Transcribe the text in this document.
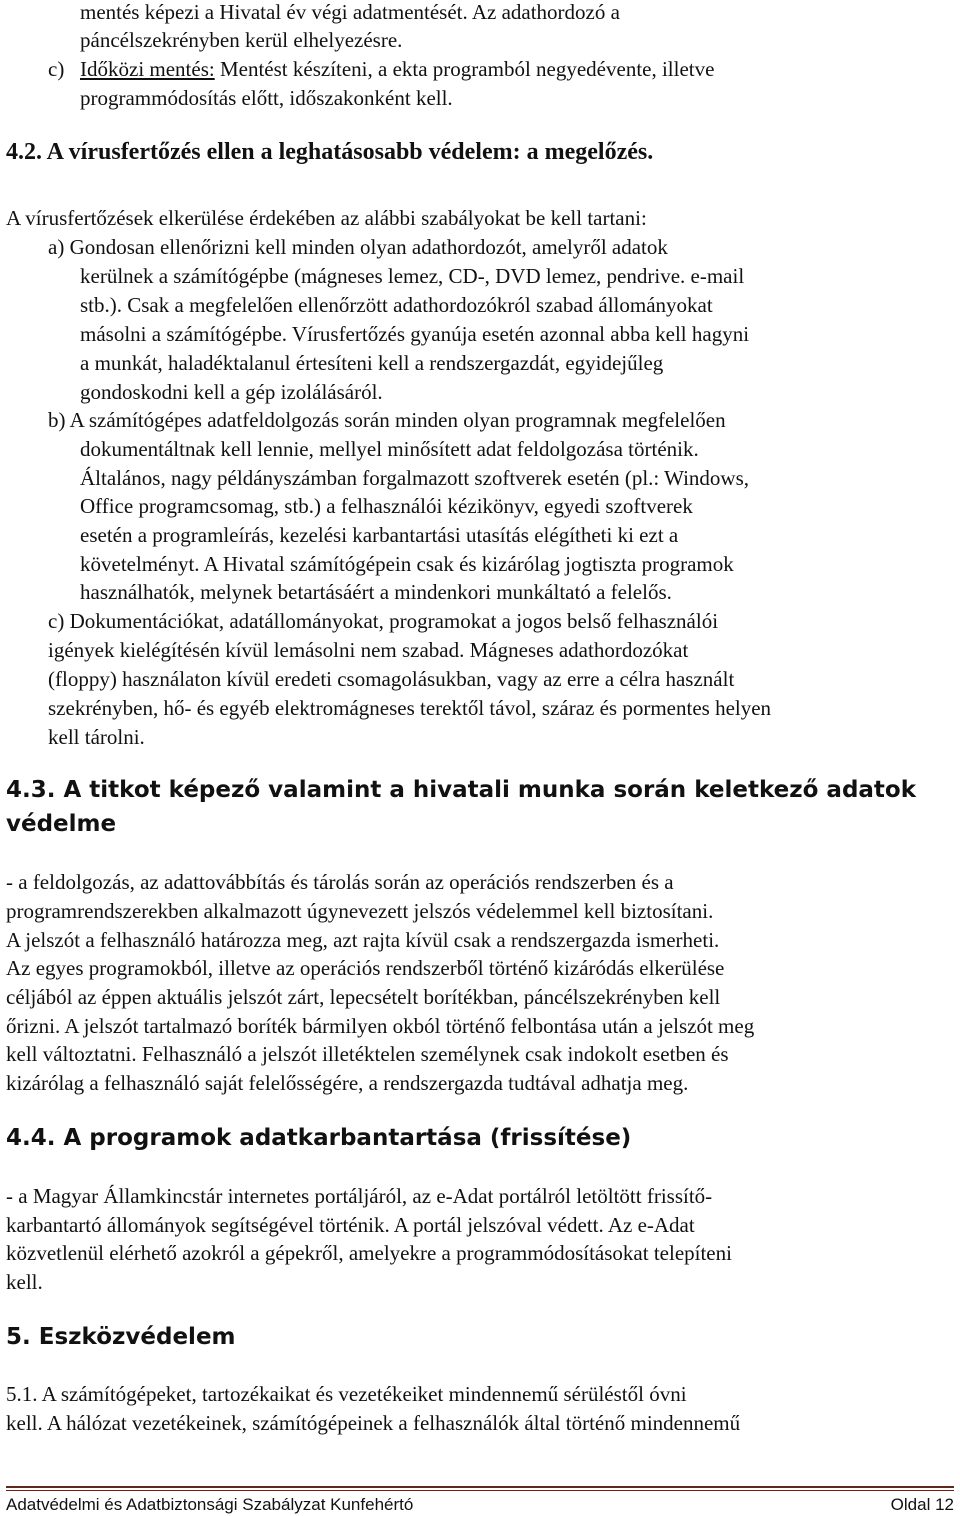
mentés képezi a Hivatal év végi adatmentését. Az adathordozó a
páncélszekrényben kerül elhelyezésre.
c) Időközi mentés: Mentést készíteni, a ekta programból negyedévente, illetve
programmódosítás előtt, időszakonként kell.
4.2. A vírusfertőzés ellen a leghatásosabb védelem: a megelőzés.
A vírusfertőzések elkerülése érdekében az alábbi szabályokat be kell tartani:
a) Gondosan ellenőrizni kell minden olyan adathordozót, amelyről adatok
kerülnek a számítógépbe (mágneses lemez, CD-, DVD lemez, pendrive. e-mail
stb.). Csak a megfelelően ellenőrzött adathordozókról szabad állományokat
másolni a számítógépbe. Vírusfertőzés gyanúja esetén azonnal abba kell hagyni
a munkát, haladéktalanul értesíteni kell a rendszergazdát, egyidejűleg
gondoskodni kell a gép izolálásáról.
b) A számítógépes adatfeldolgozás során minden olyan programnak megfelelően
dokumentáltnak kell lennie, mellyel minősített adat feldolgozása történik.
Általános, nagy példányszámban forgalmazott szoftverek esetén (pl.: Windows,
Office programcsomag, stb.) a felhasználói kézikönyv, egyedi szoftverek
esetén a programleírás, kezelési karbantartási utasítás elégítheti ki ezt a
követelményt. A Hivatal számítógépein csak és kizárólag jogtiszta programok
használhatók, melynek betartásáért a mindenkori munkáltató a felelős.
c) Dokumentációkat, adatállományokat, programokat a jogos belső felhasználói
igények kielégítésén kívül lemásolni nem szabad. Mágneses adathordozókat
(floppy) használaton kívül eredeti csomagolásukban, vagy az erre a célra használt
szekrényben, hő- és egyéb elektromágneses terektől távol, száraz és pormentes helyen
kell tárolni.
4.3. A titkot képező valamint a hivatali munka során keletkező adatok
védelme
- a feldolgozás, az adattovábbítás és tárolás során az operációs rendszerben és a
programrendszerekben alkalmazott úgynevezett jelszós védelemmel kell biztosítani.
A jelszót a felhasználó határozza meg, azt rajta kívül csak a rendszergazda ismerheti.
Az egyes programokból, illetve az operációs rendszerből történő kizáródás elkerülése
céljából az éppen aktuális jelszót zárt, lepecsételt borítékban, páncélszekrényben kell
őrizni. A jelszót tartalmazó boríték bármilyen okból történő felbontása után a jelszót meg
kell változtatni. Felhasználó a jelszót illetéktelen személynek csak indokolt esetben és
kizárólag a felhasználó saját felelősségére, a rendszergazda tudtával adhatja meg.
4.4. A programok adatkarbantartása (frissítése)
- a Magyar Államkincstár internetes portáljáról, az e-Adat portálról letöltött frissítő-
karbantartó állományok segítségével történik. A portál jelszóval védett. Az e-Adat
közvetlenül elérhető azokról a gépekről, amelyekre a programmódosításokat telepíteni
kell.
5. Eszközvédelem
5.1. A számítógépeket, tartozékaikat és vezetékeiket mindennemű sérüléstől óvni
kell. A hálózat vezetékeinek, számítógépeinek a felhasználók által történő mindennemű
Adatvédelmi és Adatbiztonsági Szabályzat Kunfehértó	Oldal 12
